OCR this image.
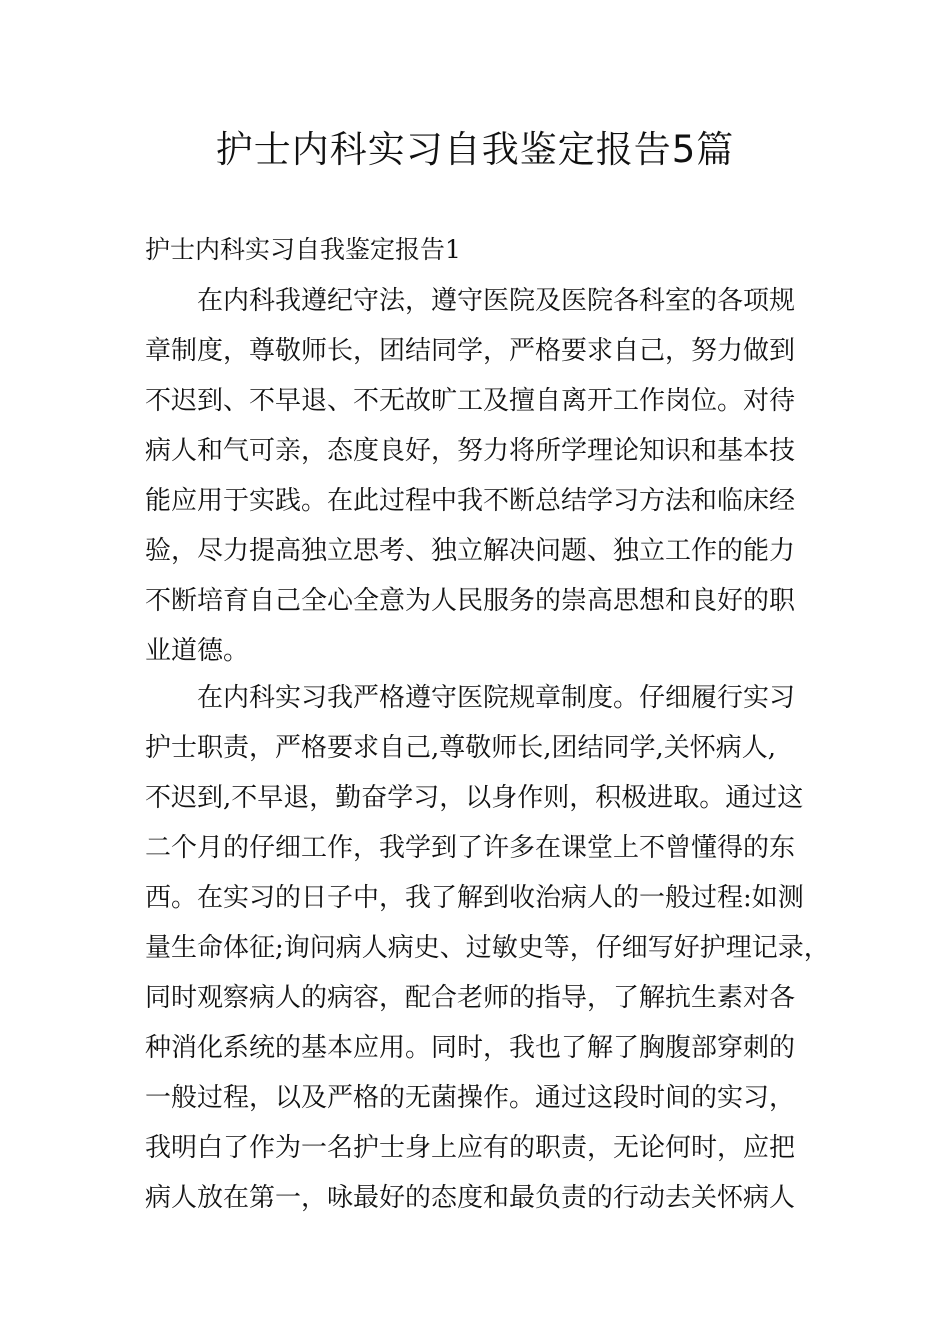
护士内科实习自我鉴定报告5篇
护士内科实习自我鉴定报告1
　　在内科我遵纪守法，遵守医院及医院各科室的各项规
章制度，尊敬师长，团结同学，严格要求自己，努力做到
不迟到、不早退、不无故旷工及擅自离开工作岗位。对待
病人和气可亲，态度良好，努力将所学理论知识和基本技
能应用于实践。在此过程中我不断总结学习方法和临床经
验，尽力提高独立思考、独立解决问题、独立工作的能力
不断培育自己全心全意为人民服务的崇高思想和良好的职
业道德。
　　在内科实习我严格遵守医院规章制度。仔细履行实习
护士职责，严格要求自己,尊敬师长,团结同学,关怀病人,
不迟到,不早退，勤奋学习，以身作则，积极进取。通过这
二个月的仔细工作，我学到了许多在课堂上不曾懂得的东
西。在实习的日子中，我了解到收治病人的一般过程:如测
量生命体征;询问病人病史、过敏史等，仔细写好护理记录，
同时观察病人的病容，配合老师的指导，了解抗生素对各
种消化系统的基本应用。同时，我也了解了胸腹部穿刺的
一般过程，以及严格的无菌操作。通过这段时间的实习，
我明白了作为一名护士身上应有的职责，无论何时，应把
病人放在第一，咏最好的态度和最负责的行动去关怀病人
